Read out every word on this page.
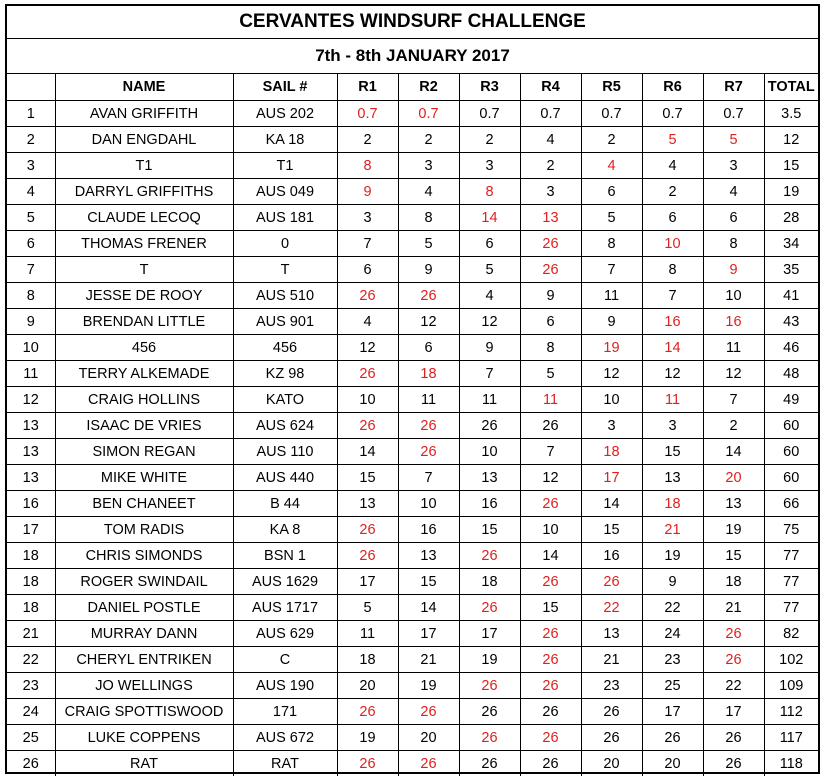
CERVANTES WINDSURF CHALLENGE
7th - 8th JANUARY 2017
	NAME	SAIL #	R1	R2	R3	R4	R5	R6	R7	TOTAL
1	AVAN GRIFFITH	AUS 202	0.7	0.7	0.7	0.7	0.7	0.7	0.7	3.5
2	DAN ENGDAHL	KA 18	2	2	2	4	2	5	5	12
3	T1	T1	8	3	3	2	4	4	3	15
4	DARRYL GRIFFITHS	AUS 049	9	4	8	3	6	2	4	19
5	CLAUDE LECOQ	AUS 181	3	8	14	13	5	6	6	28
6	THOMAS FRENER	0	7	5	6	26	8	10	8	34
7	T	T	6	9	5	26	7	8	9	35
8	JESSE DE ROOY	AUS 510	26	26	4	9	11	7	10	41
9	BRENDAN LITTLE	AUS 901	4	12	12	6	9	16	16	43
10	456	456	12	6	9	8	19	14	11	46
11	TERRY ALKEMADE	KZ 98	26	18	7	5	12	12	12	48
12	CRAIG HOLLINS	KATO	10	11	11	11	10	11	7	49
13	ISAAC DE VRIES	AUS 624	26	26	26	26	3	3	2	60
13	SIMON REGAN	AUS 110	14	26	10	7	18	15	14	60
13	MIKE WHITE	AUS 440	15	7	13	12	17	13	20	60
16	BEN CHANEET	B 44	13	10	16	26	14	18	13	66
17	TOM RADIS	KA 8	26	16	15	10	15	21	19	75
18	CHRIS SIMONDS	BSN 1	26	13	26	14	16	19	15	77
18	ROGER SWINDAIL	AUS 1629	17	15	18	26	26	9	18	77
18	DANIEL POSTLE	AUS 1717	5	14	26	15	22	22	21	77
21	MURRAY DANN	AUS 629	11	17	17	26	13	24	26	82
22	CHERYL ENTRIKEN	C	18	21	19	26	21	23	26	102
23	JO WELLINGS	AUS 190	20	19	26	26	23	25	22	109
24	CRAIG SPOTTISWOOD	171	26	26	26	26	26	17	17	112
25	LUKE COPPENS	AUS 672	19	20	26	26	26	26	26	117
26	RAT	RAT	26	26	26	26	20	20	26	118
